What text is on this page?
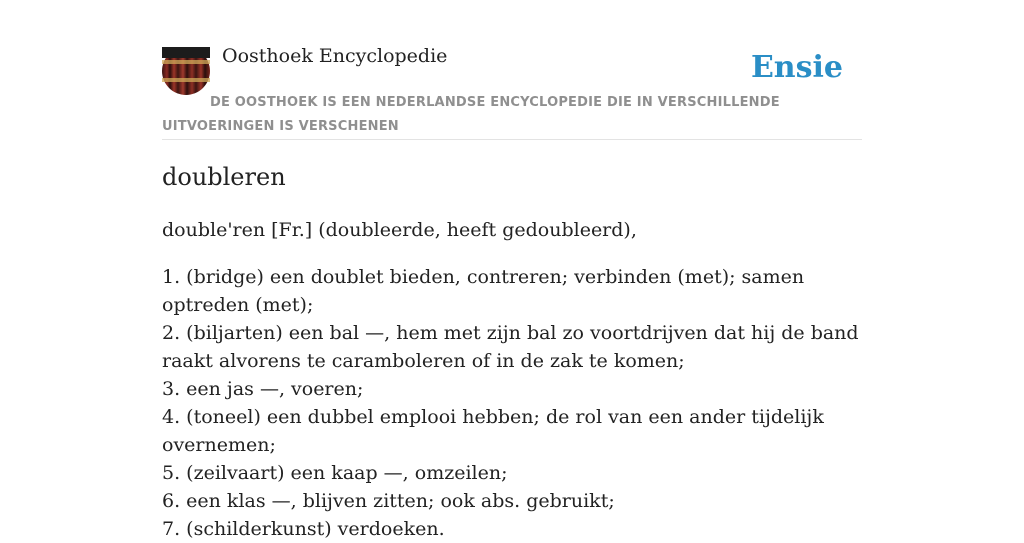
Oosthoek Encyclopedie	Ensie
DE OOSTHOEK IS EEN NEDERLANDSE ENCYCLOPEDIE DIE IN VERSCHILLENDE UITVOERINGEN IS VERSCHENEN
doubleren

double'ren [Fr.] (doubleerde, heeft gedoubleerd),

1. (bridge) een doublet bieden, contreren; verbinden (met); samen optreden (met);
2. (biljarten) een bal —, hem met zijn bal zo voortdrijven dat hij de band raakt alvorens te caramboleren of in de zak te komen;
3. een jas —, voeren;
4. (toneel) een dubbel emplooi hebben; de rol van een ander tijdelijk overnemen;
5. (zeilvaart) een kaap —, omzeilen;
6. een klas —, blijven zitten; ook abs. gebruikt;
7. (schilderkunst) verdoeken.
